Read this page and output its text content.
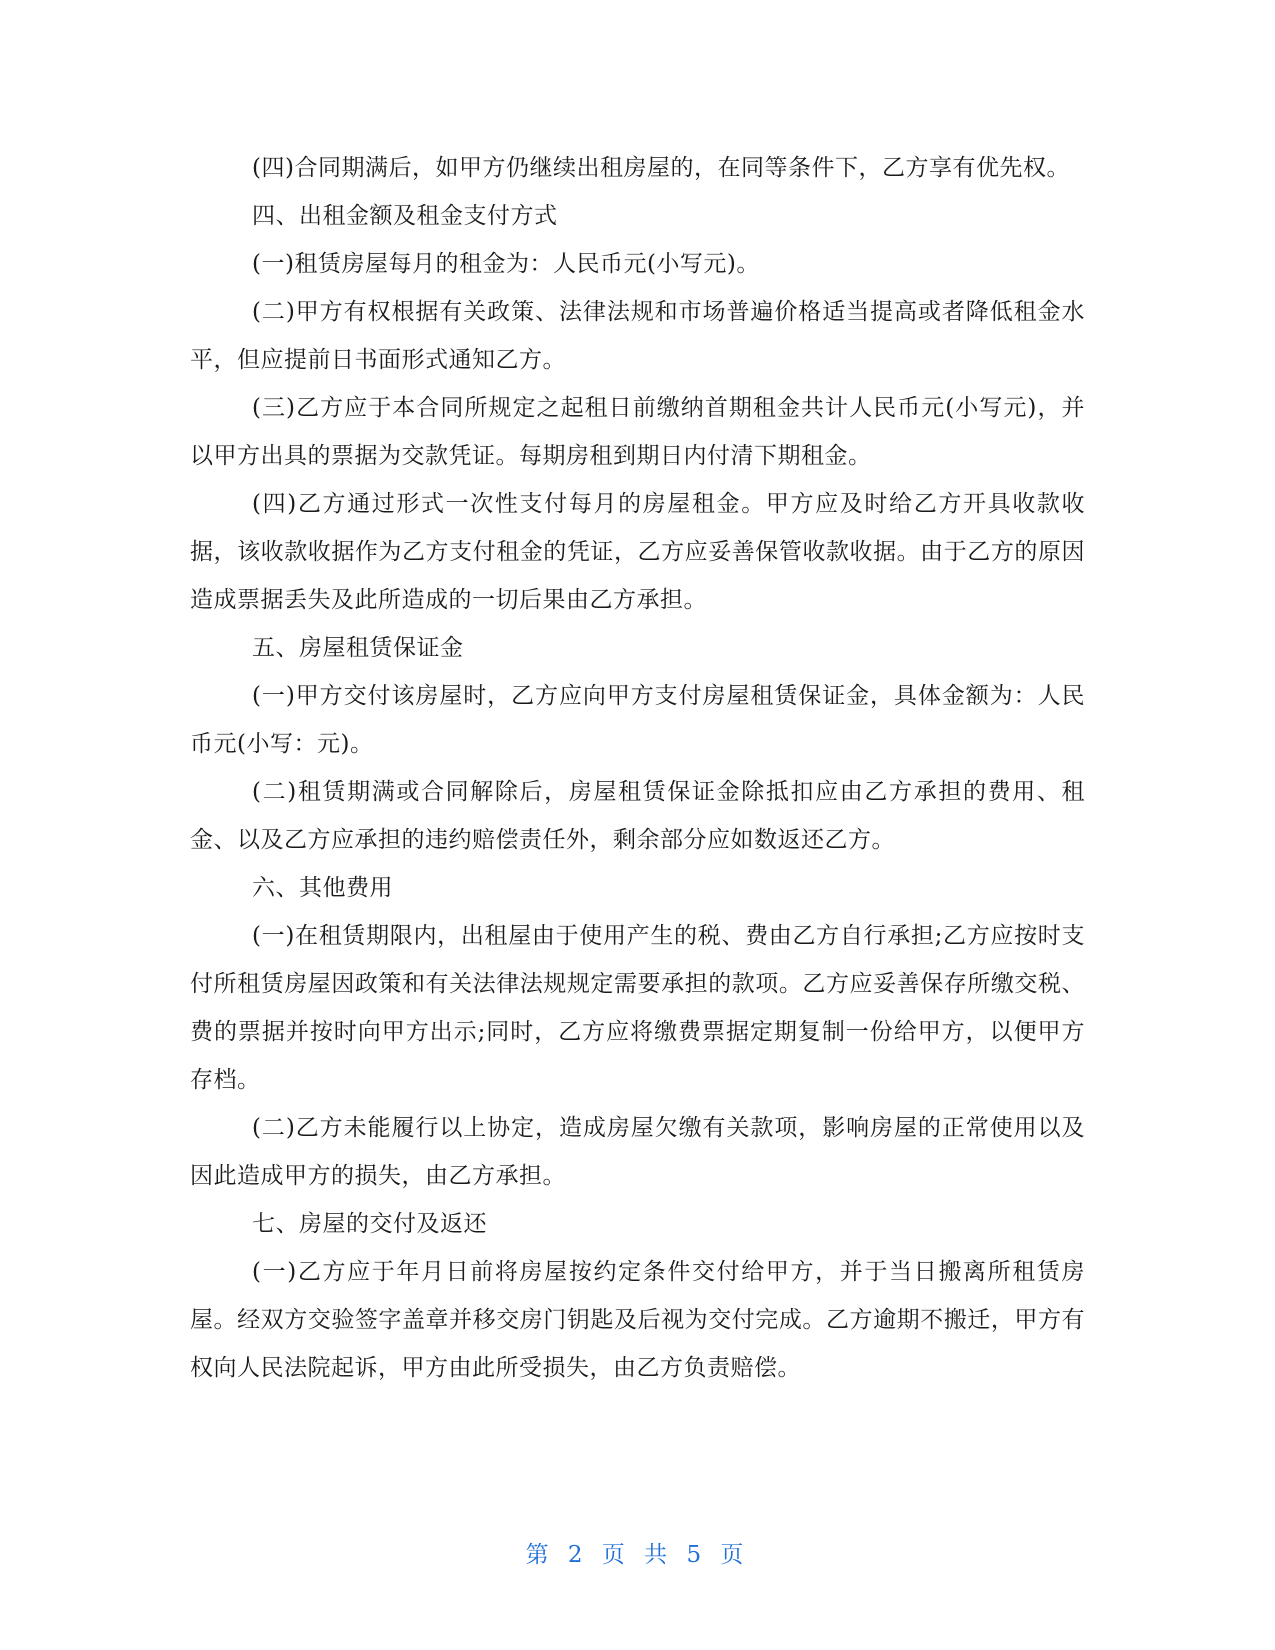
(四)合同期满后，如甲方仍继续出租房屋的，在同等条件下，乙方享有优先权。

四、出租金额及租金支付方式

(一)租赁房屋每月的租金为：人民币元(小写元)。

(二)甲方有权根据有关政策、法律法规和市场普遍价格适当提高或者降低租金水平，但应提前日书面形式通知乙方。

(三)乙方应于本合同所规定之起租日前缴纳首期租金共计人民币元(小写元)，并以甲方出具的票据为交款凭证。每期房租到期日内付清下期租金。

(四)乙方通过形式一次性支付每月的房屋租金。甲方应及时给乙方开具收款收据，该收款收据作为乙方支付租金的凭证，乙方应妥善保管收款收据。由于乙方的原因造成票据丢失及此所造成的一切后果由乙方承担。

五、房屋租赁保证金

(一)甲方交付该房屋时，乙方应向甲方支付房屋租赁保证金，具体金额为：人民币元(小写：元)。

(二)租赁期满或合同解除后，房屋租赁保证金除抵扣应由乙方承担的费用、租金、以及乙方应承担的违约赔偿责任外，剩余部分应如数返还乙方。

六、其他费用

(一)在租赁期限内，出租屋由于使用产生的税、费由乙方自行承担;乙方应按时支付所租赁房屋因政策和有关法律法规规定需要承担的款项。乙方应妥善保存所缴交税、费的票据并按时向甲方出示;同时，乙方应将缴费票据定期复制一份给甲方，以便甲方存档。

(二)乙方未能履行以上协定，造成房屋欠缴有关款项，影响房屋的正常使用以及因此造成甲方的损失，由乙方承担。

七、房屋的交付及返还

(一)乙方应于年月日前将房屋按约定条件交付给甲方，并于当日搬离所租赁房屋。经双方交验签字盖章并移交房门钥匙及后视为交付完成。乙方逾期不搬迁，甲方有权向人民法院起诉，甲方由此所受损失，由乙方负责赔偿。

第 2 页 共 5 页
